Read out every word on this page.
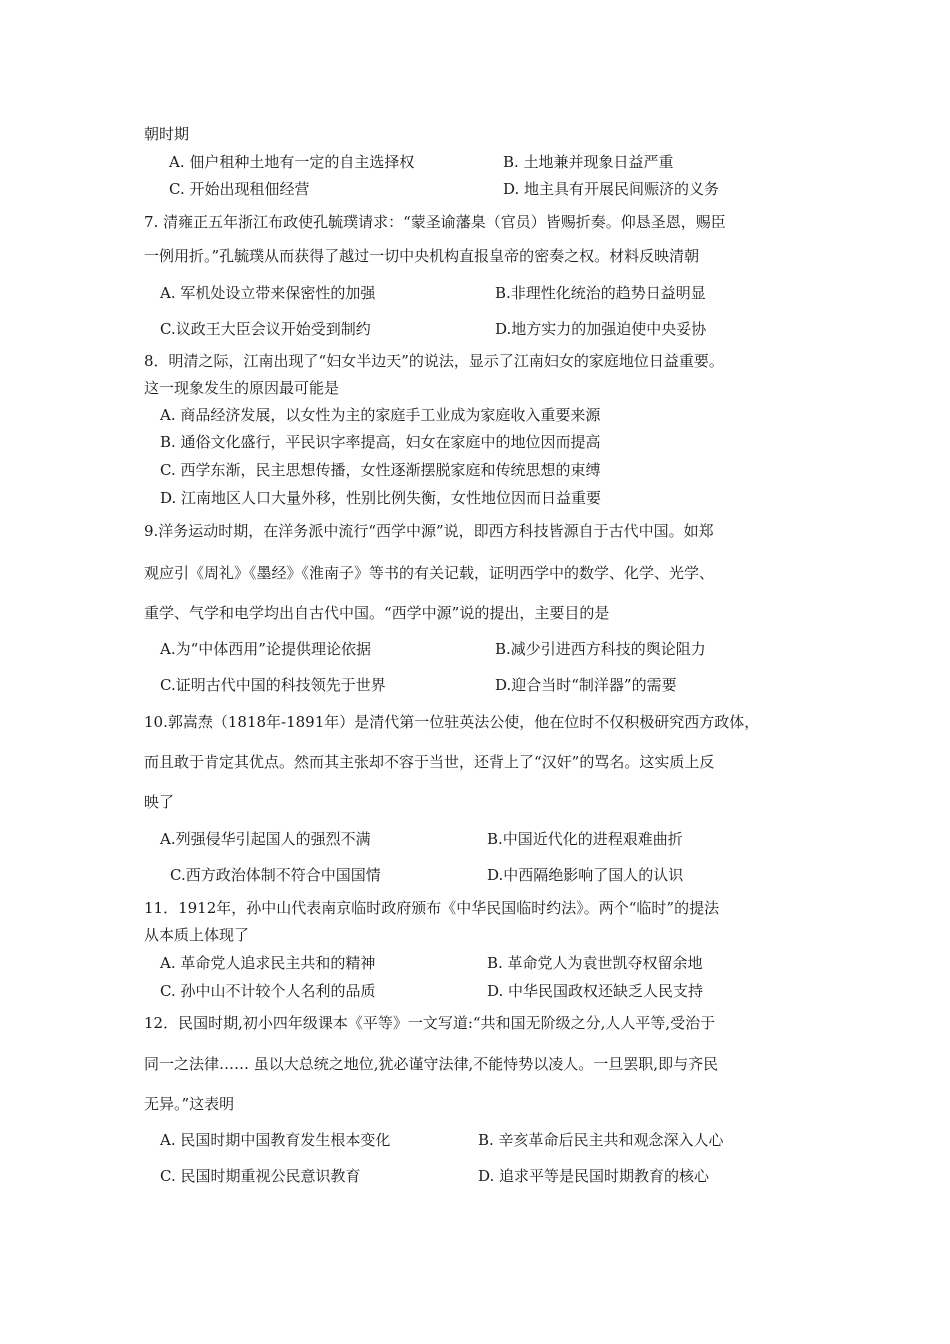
朝时期
A. 佃户租种土地有一定的自主选择权	B. 土地兼并现象日益严重
C. 开始出现租佃经营	D. 地主具有开展民间赈济的义务
7. 清雍正五年浙江布政使孔毓璞请求：“蒙圣谕藩臬（官员）皆赐折奏。仰恳圣恩，赐臣
一例用折。”孔毓璞从而获得了越过一切中央机构直报皇帝的密奏之权。材料反映清朝
A. 军机处设立带来保密性的加强	B.非理性化统治的趋势日益明显
C.议政王大臣会议开始受到制约	D.地方实力的加强迫使中央妥协
8．明清之际，江南出现了“妇女半边天”的说法，显示了江南妇女的家庭地位日益重要。
这一现象发生的原因最可能是
A. 商品经济发展，以女性为主的家庭手工业成为家庭收入重要来源
B. 通俗文化盛行，平民识字率提高，妇女在家庭中的地位因而提高
C. 西学东渐，民主思想传播，女性逐渐摆脱家庭和传统思想的束缚
D. 江南地区人口大量外移，性别比例失衡，女性地位因而日益重要
9.洋务运动时期，在洋务派中流行“西学中源”说，即西方科技皆源自于古代中国。如郑
观应引《周礼》《墨经》《淮南子》等书的有关记载，证明西学中的数学、化学、光学、
重学、气学和电学均出自古代中国。“西学中源”说的提出，主要目的是
A.为“中体西用”论提供理论依据	B.减少引进西方科技的舆论阻力
C.证明古代中国的科技领先于世界	D.迎合当时“制洋器”的需要
10.郭嵩焘（1818年-1891年）是清代第一位驻英法公使，他在位时不仅积极研究西方政体，
而且敢于肯定其优点。然而其主张却不容于当世，还背上了“汉奸”的骂名。这实质上反
映了
A.列强侵华引起国人的强烈不满	B.中国近代化的进程艰难曲折
C.西方政治体制不符合中国国情	D.中西隔绝影响了国人的认识
11．1912年，孙中山代表南京临时政府颁布《中华民国临时约法》。两个“临时”的提法
从本质上体现了
A. 革命党人追求民主共和的精神	B. 革命党人为袁世凯夺权留余地
C. 孙中山不计较个人名利的品质	D. 中华民国政权还缺乏人民支持
12．民国时期,初小四年级课本《平等》一文写道:“共和国无阶级之分,人人平等,受治于
同一之法律…… 虽以大总统之地位,犹必谨守法律,不能恃势以凌人。一旦罢职,即与齐民
无异。”这表明
A. 民国时期中国教育发生根本变化	B. 辛亥革命后民主共和观念深入人心
C. 民国时期重视公民意识教育	D. 追求平等是民国时期教育的核心
